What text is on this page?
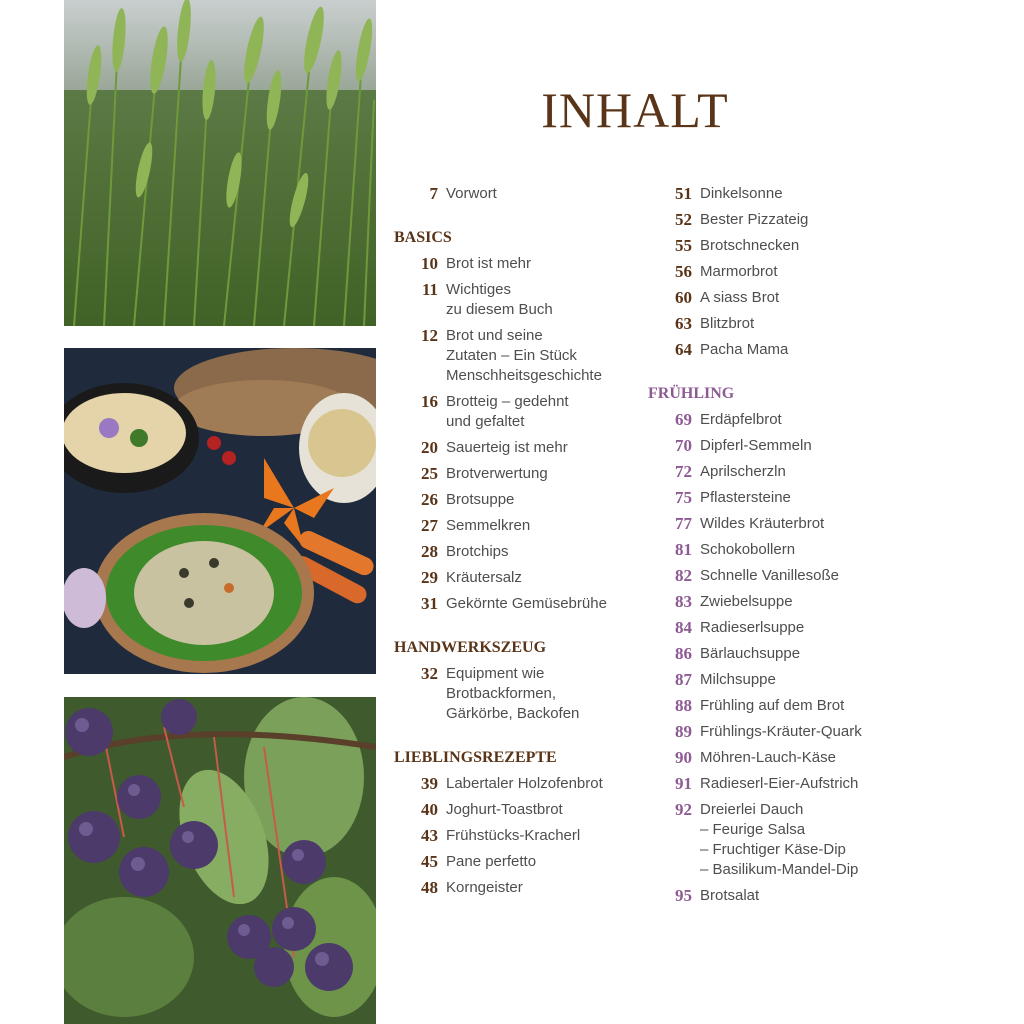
INHALT
7 Vorwort
BASICS
10 Brot ist mehr
11 Wichtiges
zu diesem Buch
12 Brot und seine
Zutaten – Ein Stück
Menschheitsgeschichte
16 Brotteig – gedehnt
und gefaltet
20 Sauerteig ist mehr
25 Brotverwertung
26 Brotsuppe
27 Semmelkren
28 Brotchips
29 Kräutersalz
31 Gekörnte Gemüsebrühe
HANDWERKSZEUG
32 Equipment wie
Brotbackformen,
Gärkörbe, Backofen
LIEBLINGSREZEPTE
39 Labertaler Holzofenbrot
40 Joghurt-Toastbrot
43 Frühstücks-Kracherl
45 Pane perfetto
48 Korngeister
51 Dinkelsonne
52 Bester Pizzateig
55 Brotschnecken
56 Marmorbrot
60 A siass Brot
63 Blitzbrot
64 Pacha Mama
FRÜHLING
69 Erdäpfelbrot
70 Dipferl-Semmeln
72 Aprilscherzln
75 Pflastersteine
77 Wildes Kräuterbrot
81 Schokobollern
82 Schnelle Vanillesoße
83 Zwiebelsuppe
84 Radieserlsuppe
86 Bärlauchsuppe
87 Milchsuppe
88 Frühling auf dem Brot
89 Frühlings-Kräuter-Quark
90 Möhren-Lauch-Käse
91 Radieserl-Eier-Aufstrich
92 Dreierlei Dauch
– Feurige Salsa
– Fruchtiger Käse-Dip
– Basilikum-Mandel-Dip
95 Brotsalat
